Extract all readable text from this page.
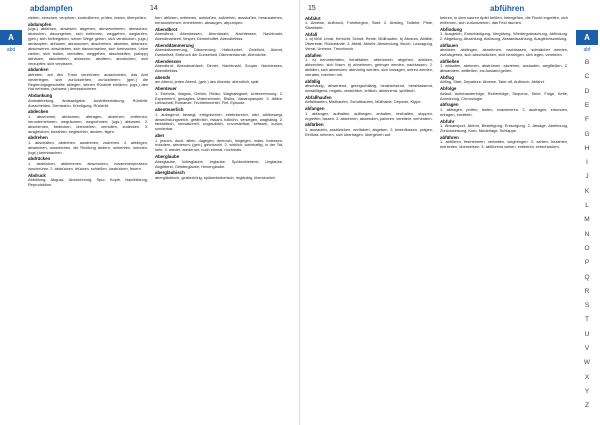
abdampfen	14
A
abd
zieben, einschen, verpönen, kontrollieren, prüfen, testen, überprüfen.
abdampfen
(ugs.) abfahren, abwesen; abgehen; abmarschieren, abmachen, abzischen, davongehen, sich entfernen, weggehen, weglaufen, (geh.) sich fortbegeben, seiner Wege gehen, sich verdrücken, (ugs.) abdampfen, abhauen, abrauschen, abschieben, abseilen, abtanzen, abschwirren, abschieben, sich davonmachen, sich fortmachen, Leine ziehen, sich trollen, verduften, weggehen, abschweifen; (salopp) abhauen, abschieben, abtanzen, abzittern, abrutschen, sich verzupfen; sich verpissen.
abdanken
abtreten, auf den Thron verzichten; ausscheiden, das Amt niederlegen, sich zurückziehen, zurücktreten; (geh.) die Regierungsgeschäfte ablegen, seinen Rücktritt erklären; (ugs.) den Hut nehmen, (schweiz.) demissionieren.
Abdankung
Amtsabtretung, Amtsaufgabe, Austrittserklärung, Rücktritt, Ausscheiden, Demission, Kündigung, Rücktritt.
abdecken
1. abnehmen, abräumen, abtragen, abziehen, entfernen, herunternehmen, wegräumen, wegnehmen; (ugs.) abbauen. 2. abschirmen, bedecken, überziehen, verhüllen, zudecken. 3. ausgleichen, bezahlen, begleichen, decken, tilgen.
abdrehen
1. abschalten, abdrehen, ausdrehen, zudrehen. 2. abbiegen, abweichen, ausweichen, die Richtung ändern, umkehren, wenden, (ugs.) kehrtmachen.
abdrücken
1. abdrücken, abklemmen, abschnüren, zusammenpressen, zuschnüren. 2. abdrücken, drücken, schießen, losdrücken, feuern.
Abdruck
Abbildung, Abguss, Abzeichnung, Spur, Kopie, Nachbildung, Reproduktion.
ben, ablösen, entleeren, aufstoßen, aufziehen, ausstoßen, herausziehen, herausnehmen, entnehmen, absaugen, abpumpen.
Abendbrot
Abendbrot, Abendessen, Abendmahl, Nachtessen, Nachtmahl, Abendmahlzeit, Vesper, Dinnerbuffet, Abendimbiss.
Abenddämmerung
Abenddämmerung, Dämmerung, Halbdunkel, Zwielicht, Abend, Dunkelheit, Einbruch der Dunkelheit, Dämmerstunde, Abendröte.
Abendessen
Abendbrot, Abendmahlzeit, Dinner, Nachtmahl, Souper, Nachtessen, Abendimbiss.
abends
am Abend, jeden Abend, (geh.) des Abends, abendlich, spät.
Abenteuer
1. Erlebnis, Wagnis, Gefahr, Risiko, Waghalsigkeit, Unternehmung. 2. Experiment, gewagtes Unternehmen, Risiko, Vabanquespiel. 3. Affäre, Liebschaft, Romanze, Techtelmechtel, Flirt, Episode.
abenteuerlich
1. aufregend, bewegt, ereignisreich, erlebnisreich, wild, wildbewegt, abwechslungsreich, gefährlich, riskant, tollkühn, verwegen, waghalsig. 2. fantastisch, sensationell, unglaublich, unvorstellbar, seltsam, kurios, sonderbar.
aber
1. jedoch, doch, allein, dagegen, dennoch, hingegen, indes, indessen, trotzdem, wiederum; (geh.) gleichwohl. 2. wirklich, wahrhaftig, in der Tat, sehr. 3. wieder, wiederum, noch einmal, nochmals.
Aberglaube
Aberglaube, Volksglaube, Irrglaube, Spökenkiekerei, Unglaube, Abgötterei, Geisterglaube, Hexenglaube.
abergläubisch
abergläubisch, geisterhörig, spökenkiekerisch, irrgläubig, übersinnlich.
15	abführen
Abfahrt
1. Abreise, Aufbruch, Fahrtbeginn, Start. 2. Abstieg, Talfahrt, Piste, Skiabfahrt.
Abfall
1. a) Müll, Unrat, Kehricht, Schutt, Reste, Müllhaufen. b) Abraum, Abfälle, Überreste, Rückstände. 2. Abfall, Abkehr, Abwendung, Bruch, Lossagung, Verrat, Untreue, Treuebruch.
abfallen
1. a) herunterfallen, herabfallen, abbröckeln, abgehen, ablösen, abbrechen, sich lösen. b) abnehmen, geringer werden, nachlassen. 2. abfallen, sich abwenden, abtrünnig werden, sich lossagen, untreu werden, verraten, brechen mit.
abfällig
abschätzig, abwertend, geringschätzig, herabsetzend, herablassend, missbilligend, negativ, verächtlich, kritisch, ablehnend, spöttisch.
Abfallhaufen
Abfallhaufen, Misthaufen, Schutthaufen, Müllhalde, Deponie, Kippe.
abfangen
1. abfangen, aufhalten, auffangen, anhalten, festhalten, stoppen, ergreifen, fassen. 2. abwehren, abwenden, parieren, vereiteln, verhindern.
abfärben
1. auslaufen, ausbleichen, verfärben, abgeben. 2. beeinflussen, prägen, Einfluss nehmen, sich übertragen, übergehen auf.
kehren, in dem sauren Apfel beißen, heimgehen, die Flucht ergreifen, sich entfernen, sich zurückziehen, das Feld räumen.
Abfindung
1. Ausgleich, Entschädigung, Vergütung, Wiedergutmachung, Abfindung. 2. Abgeltung, Abzahlung, Ablösung, Abstandszahlung, Ausgleichszahlung.
abflauen
abebben, abklingen, abnehmen, nachlassen, schwächer werden, zurückgehen, sich abschwächen, sich beruhigen, sich legen, verebben.
abfließen
1. ablaufen, abrinnen, abströmen, abziehen, auslaufen, wegfließen. 2. abwandern, abfließen, ins Ausland gehen.
Abflug
Abflug, Start, Departure, Abreise, Take-off, Aufbruch, Abfahrt.
Abfolge
Ablauf, Aufeinanderfolge, Reihenfolge, Sequenz, Serie, Folge, Kette, Anordnung, Chronologie.
abfragen
1. abfragen, prüfen, testen, examinieren. 2. ausfragen, erkunden, erfragen, ermitteln.
Abfuhr
1. Abtransport, Abfuhr, Beseitigung, Entsorgung. 2. Absage, Ablehnung, Zurückweisung, Korb, Niederlage, Schlappe.
abführen
1. abführen, festnehmen, verhaften, wegbringen. 2. zahlen, bezahlen, entrichten, überweisen. 3. abführend wirken, entleeren, entschlacken.
A
abf
B
C
D
E
F
G
H
I
J
K
L
M
N
O
P
Q
R
S
T
U
V
W
X
Y
Z
